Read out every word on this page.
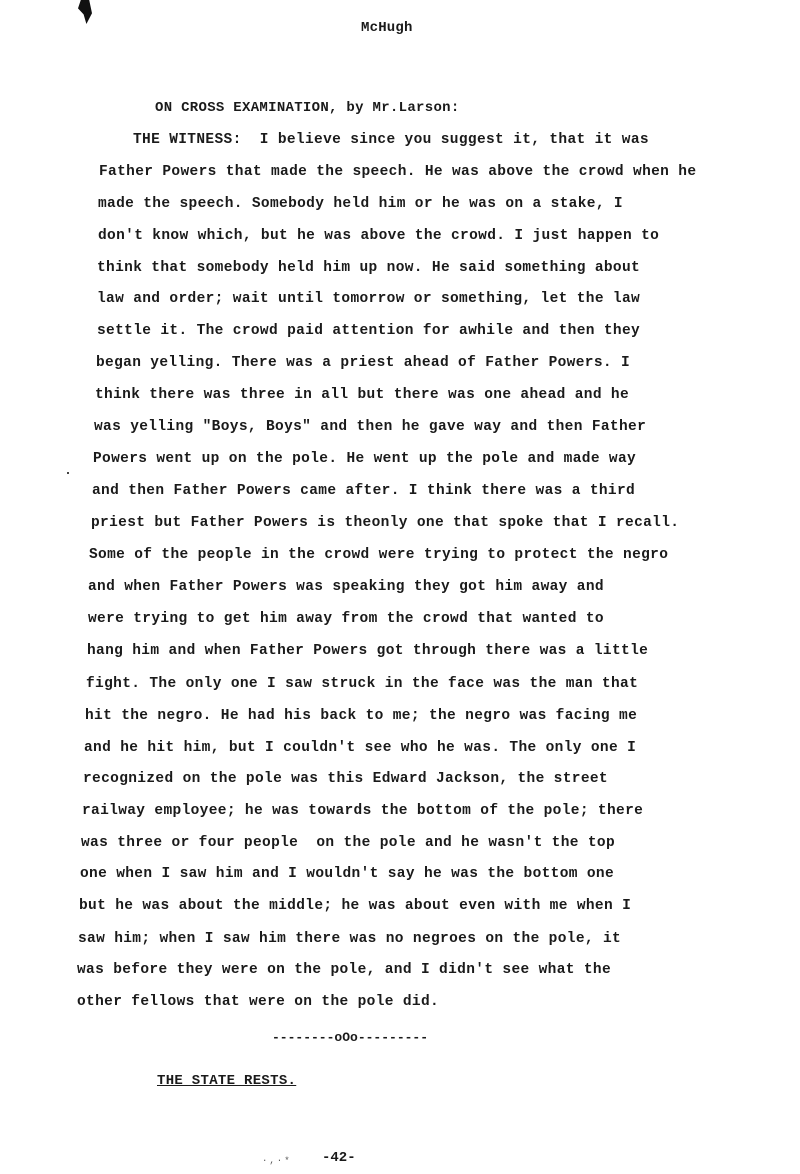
McHugh
ON CROSS EXAMINATION, by Mr.Larson:
THE WITNESS:  I believe since you suggest it, that it was
Father Powers that made the speech. He was above the crowd when he
made the speech. Somebody held him or he was on a stake, I
don't know which, but he was above the crowd. I just happen to
think that somebody held him up now. He said something about
law and order; wait until tomorrow or something, let the law
settle it. The crowd paid attention for awhile and then they
began yelling. There was a priest ahead of Father Powers. I
think there was three in all but there was one ahead and he
was yelling "Boys, Boys" and then he gave way and then Father
Powers went up on the pole. He went up the pole and made way
and then Father Powers came after. I think there was a third
priest but Father Powers is theonly one that spoke that I recall.
Some of the people in the crowd were trying to protect the negro
and when Father Powers was speaking they got him away and
were trying to get him away from the crowd that wanted to
hang him and when Father Powers got through there was a little
fight. The only one I saw struck in the face was the man that
hit the negro. He had his back to me; the negro was facing me
and he hit him, but I couldn't see who he was. The only one I
recognized on the pole was this Edward Jackson, the street
railway employee; he was towards the bottom of the pole; there
was three or four people  on the pole and he wasn't the top
one when I saw him and I wouldn't say he was the bottom one
but he was about the middle; he was about even with me when I
saw him; when I saw him there was no negroes on the pole, it
was before they were on the pole, and I didn't see what the
other fellows that were on the pole did.
--------oOo---------
THE STATE RESTS.
·,·* -42-
